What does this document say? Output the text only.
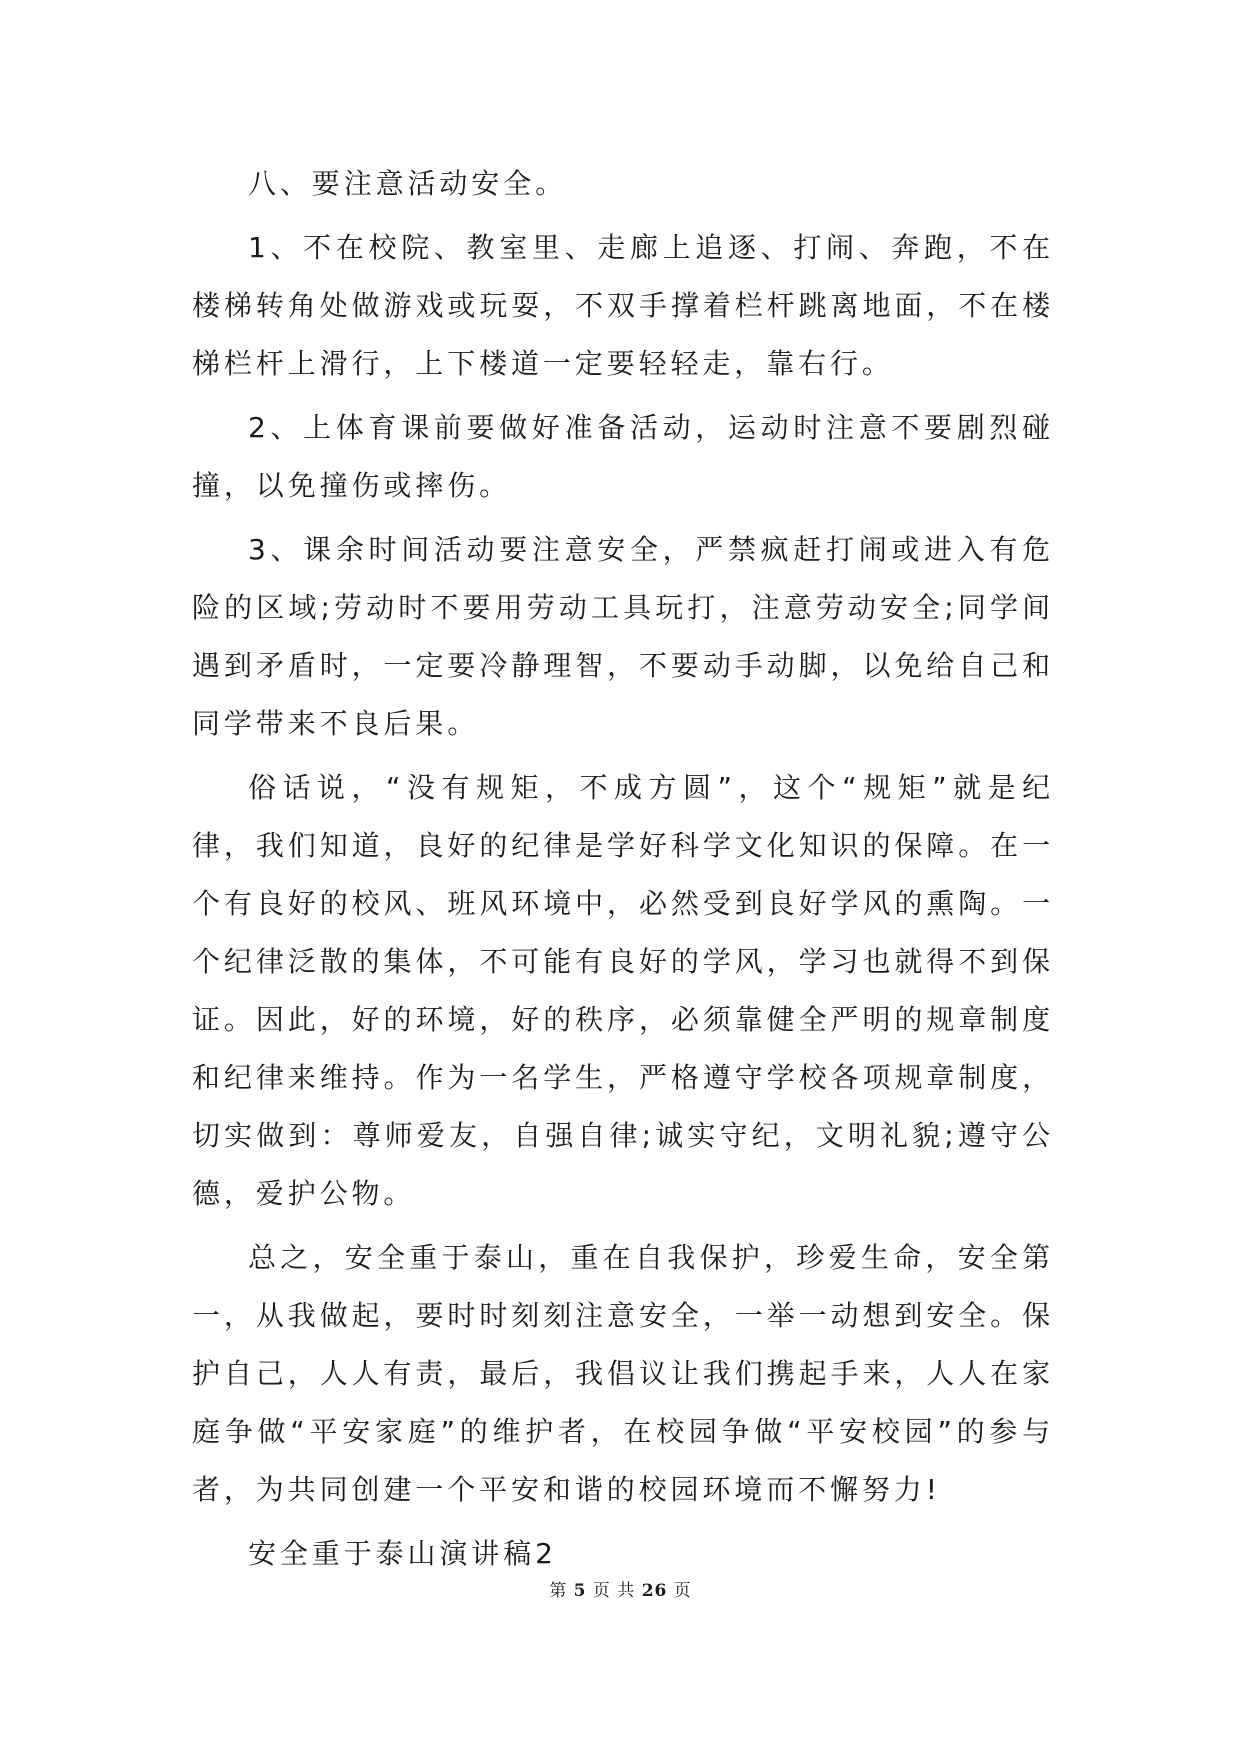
八、要注意活动安全。

1、不在校院、教室里、走廊上追逐、打闹、奔跑，不在楼梯转角处做游戏或玩耍，不双手撑着栏杆跳离地面，不在楼梯栏杆上滑行，上下楼道一定要轻轻走，靠右行。

2、上体育课前要做好准备活动，运动时注意不要剧烈碰撞，以免撞伤或摔伤。

3、课余时间活动要注意安全，严禁疯赶打闹或进入有危险的区域;劳动时不要用劳动工具玩打，注意劳动安全;同学间遇到矛盾时，一定要冷静理智，不要动手动脚，以免给自己和同学带来不良后果。

俗话说，“没有规矩，不成方圆”，这个“规矩”就是纪律，我们知道，良好的纪律是学好科学文化知识的保障。在一个有良好的校风、班风环境中，必然受到良好学风的熏陶。一个纪律泛散的集体，不可能有良好的学风，学习也就得不到保证。因此，好的环境，好的秩序，必须靠健全严明的规章制度和纪律来维持。作为一名学生，严格遵守学校各项规章制度，切实做到：尊师爱友，自强自律;诚实守纪，文明礼貌;遵守公德，爱护公物。

总之，安全重于泰山，重在自我保护，珍爱生命，安全第一，从我做起，要时时刻刻注意安全，一举一动想到安全。保护自己，人人有责，最后，我倡议让我们携起手来，人人在家庭争做“平安家庭”的维护者，在校园争做“平安校园”的参与者，为共同创建一个平安和谐的校园环境而不懈努力!

安全重于泰山演讲稿2

第 5 页 共 26 页
